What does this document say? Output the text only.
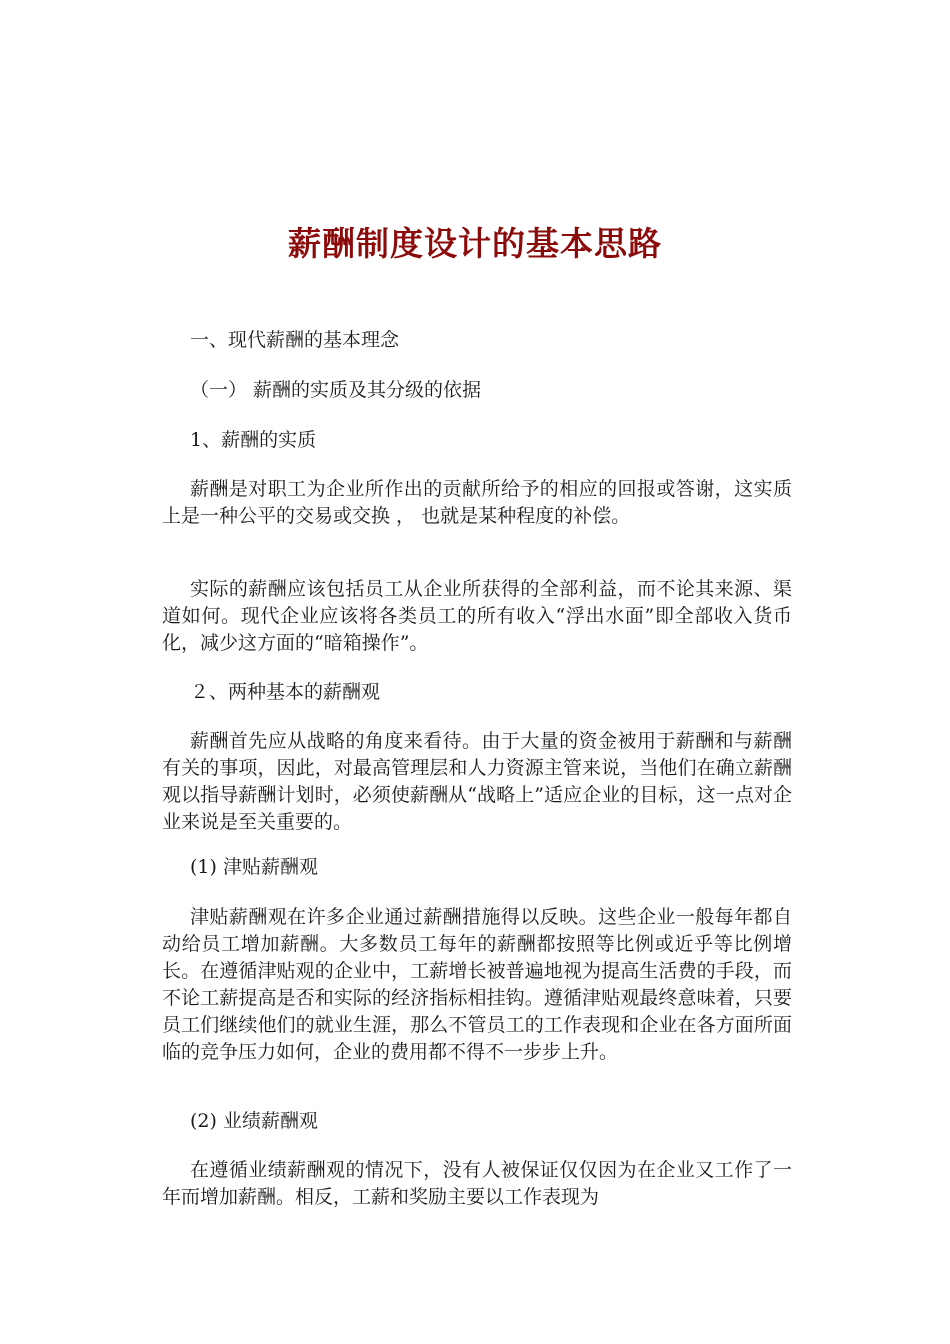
薪酬制度设计的基本思路
一、现代薪酬的基本理念
（一） 薪酬的实质及其分级的依据
1、薪酬的实质
薪酬是对职工为企业所作出的贡献所给予的相应的回报或答谢，这实质上是一种公平的交易或交换 ， 也就是某种程度的补偿。
实际的薪酬应该包括员工从企业所获得的全部利益，而不论其来源、渠道如何。现代企业应该将各类员工的所有收入“浮出水面”即全部收入货币化，减少这方面的“暗箱操作”。
２、两种基本的薪酬观
薪酬首先应从战略的角度来看待。由于大量的资金被用于薪酬和与薪酬有关的事项，因此，对最高管理层和人力资源主管来说，当他们在确立薪酬观以指导薪酬计划时，必须使薪酬从“战略上”适应企业的目标，这一点对企业来说是至关重要的。
(1) 津贴薪酬观
津贴薪酬观在许多企业通过薪酬措施得以反映。这些企业一般每年都自动给员工增加薪酬。大多数员工每年的薪酬都按照等比例或近乎等比例增长。在遵循津贴观的企业中，工薪增长被普遍地视为提高生活费的手段，而不论工薪提高是否和实际的经济指标相挂钩。遵循津贴观最终意味着，只要员工们继续他们的就业生涯，那么不管员工的工作表现和企业在各方面所面临的竞争压力如何，企业的费用都不得不一步步上升。
(2) 业绩薪酬观
在遵循业绩薪酬观的情况下，没有人被保证仅仅因为在企业又工作了一年而增加薪酬。相反，工薪和奖励主要以工作表现为
